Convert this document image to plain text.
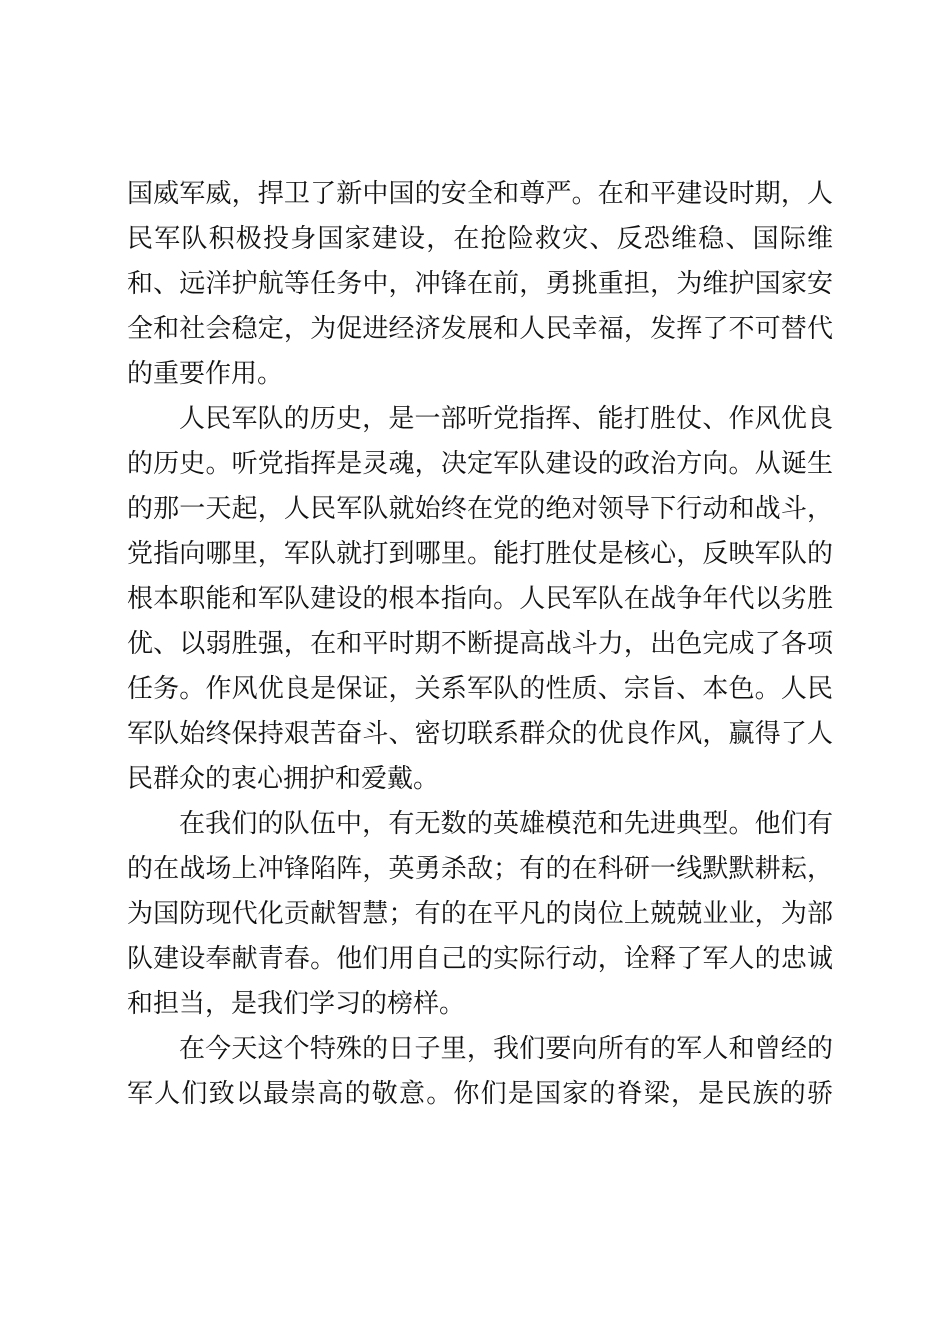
国威军威，捍卫了新中国的安全和尊严。在和平建设时期，人
民军队积极投身国家建设，在抢险救灾、反恐维稳、国际维
和、远洋护航等任务中，冲锋在前，勇挑重担，为维护国家安
全和社会稳定，为促进经济发展和人民幸福，发挥了不可替代
的重要作用。
人民军队的历史，是一部听党指挥、能打胜仗、作风优良
的历史。听党指挥是灵魂，决定军队建设的政治方向。从诞生
的那一天起，人民军队就始终在党的绝对领导下行动和战斗，
党指向哪里，军队就打到哪里。能打胜仗是核心，反映军队的
根本职能和军队建设的根本指向。人民军队在战争年代以劣胜
优、以弱胜强，在和平时期不断提高战斗力，出色完成了各项
任务。作风优良是保证，关系军队的性质、宗旨、本色。人民
军队始终保持艰苦奋斗、密切联系群众的优良作风，赢得了人
民群众的衷心拥护和爱戴。
在我们的队伍中，有无数的英雄模范和先进典型。他们有
的在战场上冲锋陷阵，英勇杀敌；有的在科研一线默默耕耘，
为国防现代化贡献智慧；有的在平凡的岗位上兢兢业业，为部
队建设奉献青春。他们用自己的实际行动，诠释了军人的忠诚
和担当，是我们学习的榜样。
在今天这个特殊的日子里，我们要向所有的军人和曾经的
军人们致以最崇高的敬意。你们是国家的脊梁，是民族的骄
